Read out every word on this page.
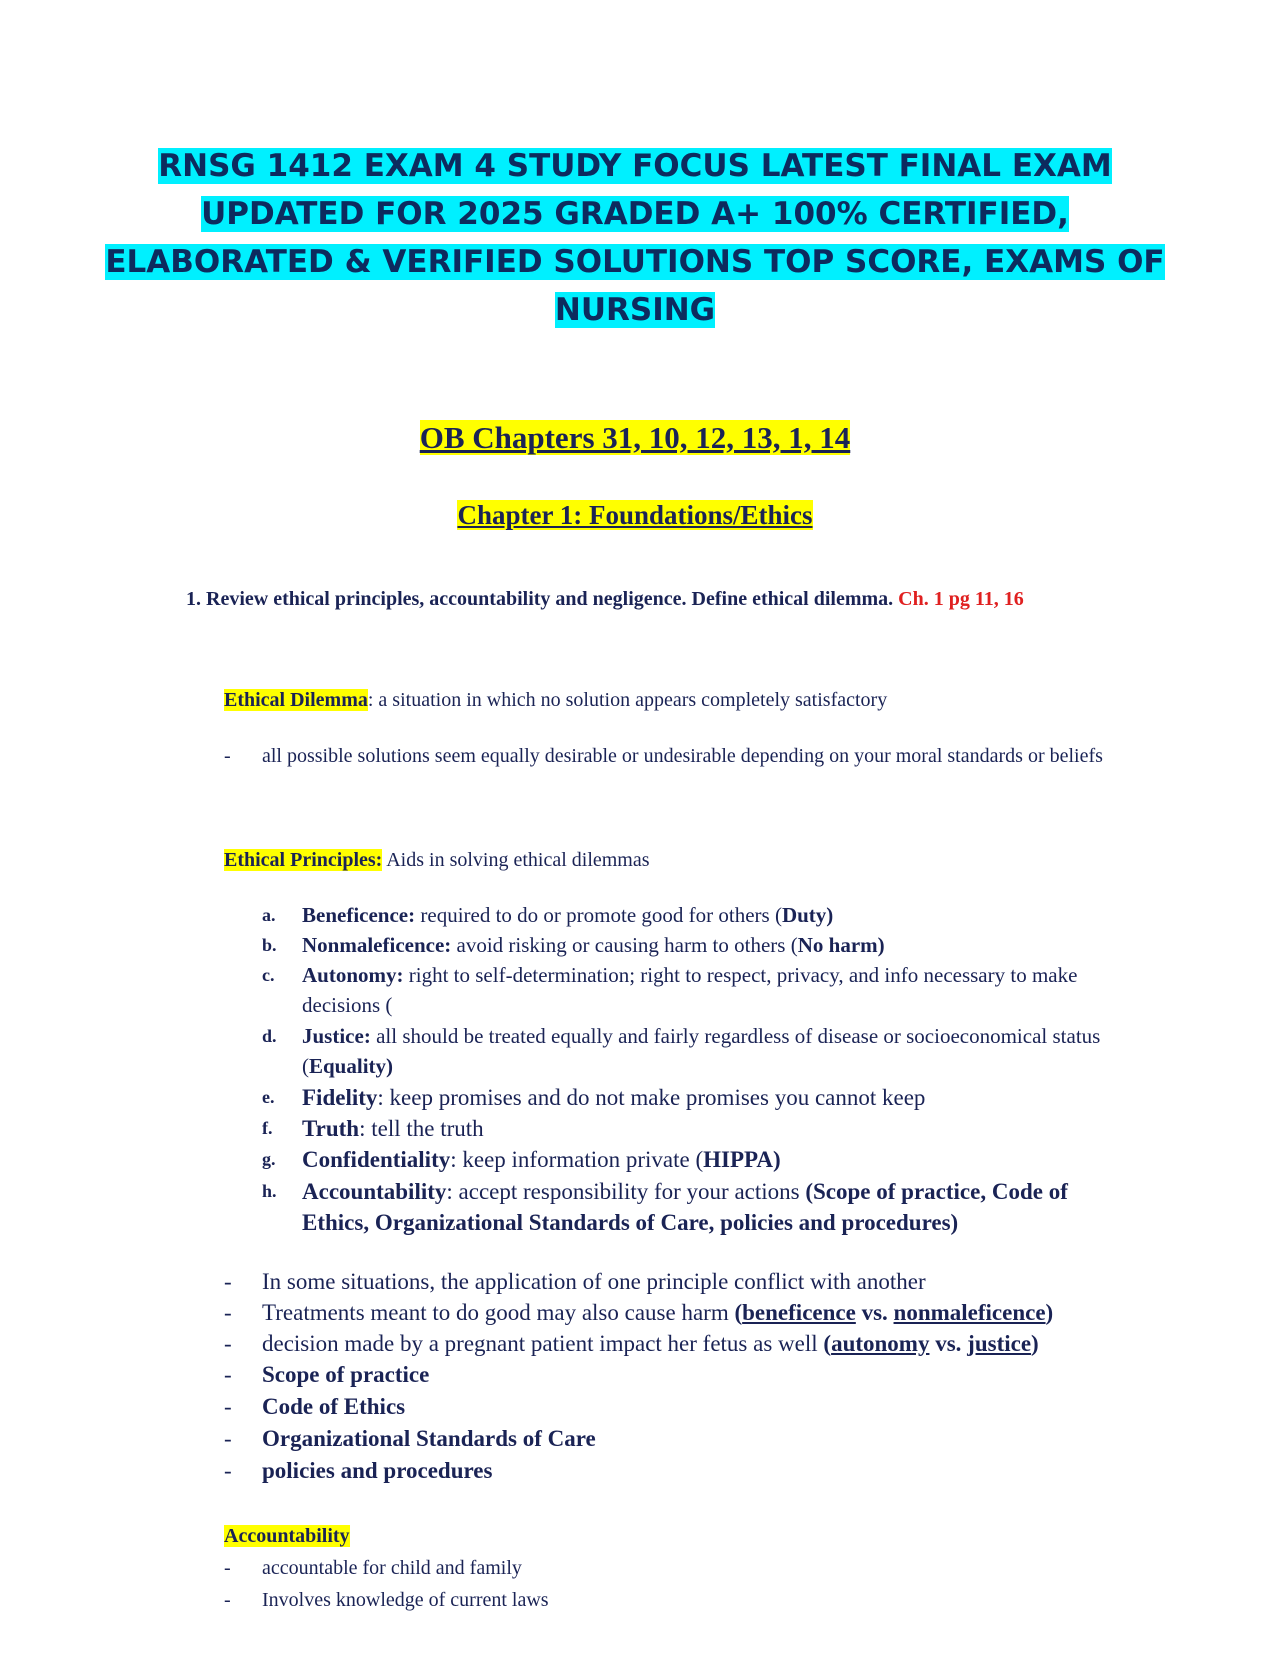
RNSG 1412 EXAM 4 STUDY FOCUS LATEST FINAL EXAM
UPDATED FOR 2025 GRADED A+ 100% CERTIFIED,
ELABORATED & VERIFIED SOLUTIONS TOP SCORE, EXAMS OF
NURSING
OB Chapters 31, 10, 12, 13, 1, 14
Chapter 1: Foundations/Ethics
1. Review ethical principles, accountability and negligence. Define ethical dilemma. Ch. 1 pg 11, 16
Ethical Dilemma: a situation in which no solution appears completely satisfactory
-	all possible solutions seem equally desirable or undesirable depending on your moral standards or beliefs
Ethical Principles: Aids in solving ethical dilemmas
a.	Beneficence: required to do or promote good for others (Duty)
b.	Nonmaleficence: avoid risking or causing harm to others (No harm)
c.	Autonomy: right to self-determination; right to respect, privacy, and info necessary to make decisions (
d.	Justice: all should be treated equally and fairly regardless of disease or socioeconomical status (Equality)
e.	Fidelity: keep promises and do not make promises you cannot keep
f.	Truth: tell the truth
g.	Confidentiality: keep information private (HIPPA)
h.	Accountability: accept responsibility for your actions (Scope of practice, Code of Ethics, Organizational Standards of Care, policies and procedures)
-	In some situations, the application of one principle conflict with another
-	Treatments meant to do good may also cause harm (beneficence vs. nonmaleficence)
-	decision made by a pregnant patient impact her fetus as well (autonomy vs. justice)
-	Scope of practice
-	Code of Ethics
-	Organizational Standards of Care
-	policies and procedures
Accountability
-	accountable for child and family
-	Involves knowledge of current laws
